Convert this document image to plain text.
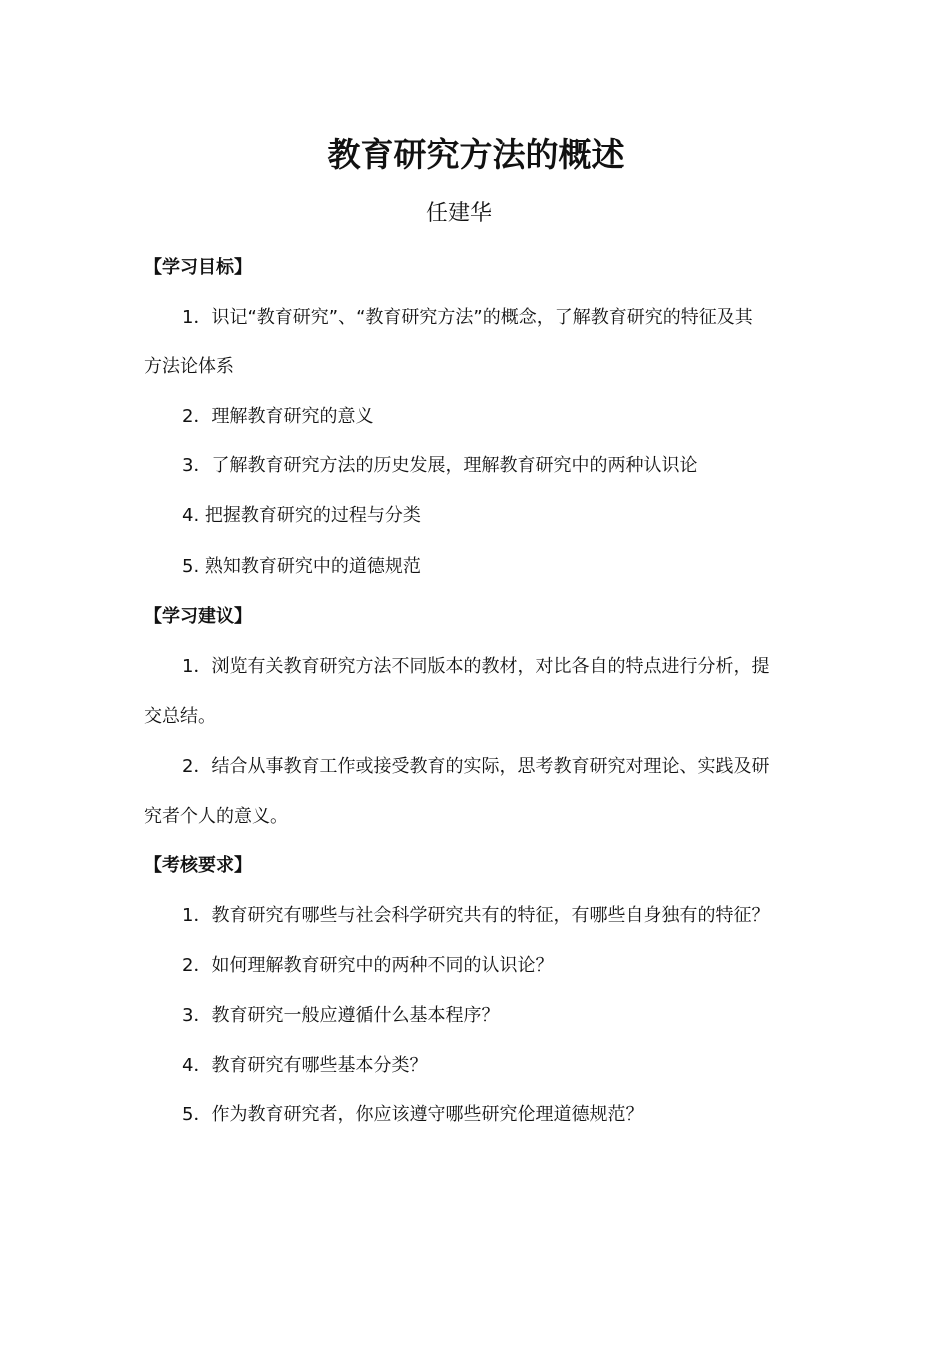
教育研究方法的概述
任建华
【学习目标】
1．识记“教育研究”、“教育研究方法”的概念，了解教育研究的特征及其
方法论体系
2．理解教育研究的意义
3．了解教育研究方法的历史发展，理解教育研究中的两种认识论
4. 把握教育研究的过程与分类
5. 熟知教育研究中的道德规范
【学习建议】
1．浏览有关教育研究方法不同版本的教材，对比各自的特点进行分析，提
交总结。
2．结合从事教育工作或接受教育的实际，思考教育研究对理论、实践及研
究者个人的意义。
【考核要求】
1．教育研究有哪些与社会科学研究共有的特征，有哪些自身独有的特征？
2．如何理解教育研究中的两种不同的认识论？
3．教育研究一般应遵循什么基本程序？
4．教育研究有哪些基本分类？
5．作为教育研究者，你应该遵守哪些研究伦理道德规范？
